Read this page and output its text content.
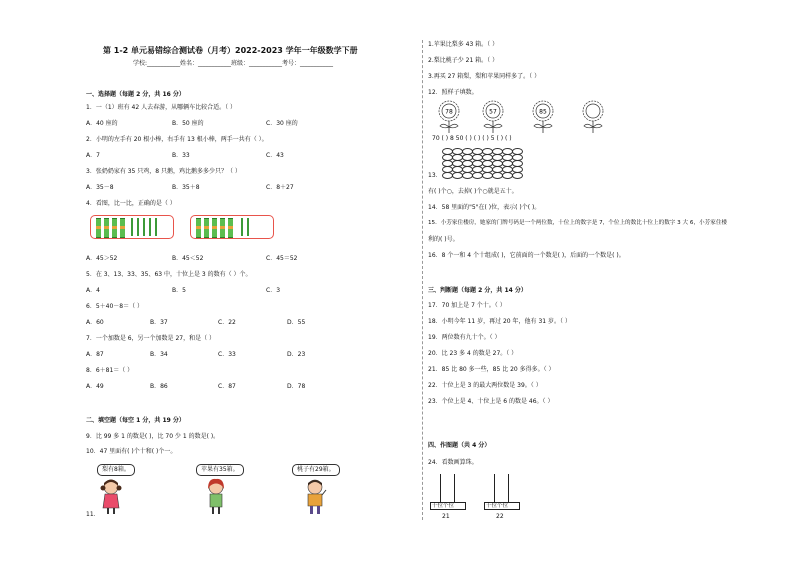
第 1-2 单元易错综合测试卷（月考）2022-2023 学年一年级数学下册
学校:___________姓名：___________班级：___________考号：___________
一、选择题（每题 2 分，共 16 分）
1．一（1）班有 42 人去春游，从哪辆车比较合适。（ ）
A．40 座的	B．50 座的	C．30 座的
2．小明的左手有 20 根小棒，右手有 13 根小棒，两手一共有（ ）。
A．7	B．33	C．43
3．张奶奶家有 35 只鸡，8 只鹅，鸡比鹅多多少只？（ ）
A．35－8	B．35＋8	C．8＋27
4．看图，比一比，正确的是（ ）
A．45＞52	B．45＜52	C．45＝52
5．在 3、13、33、35、63 中，十位上是 3 的数有（ ）个。
A．4	B．5	C．3
6．5＋40－8＝（ ）
A．60	B．37	C．22	D．55
7．一个加数是 6，另一个加数是 27，和是（ ）
A．87	B．34	C．33	D．23
8．6＋81＝（ ）
A．49	B．86	C．87	D．78
二、填空题（每空 1 分，共 19 分）
9．比 99 多 1 的数是( )，比 70 少 1 的数是( )。
10．47 里面有( )个十和( )个一。
梨有8箱。	苹果有35箱。	桃子有29箱。
11．
1.苹果比梨多 43 箱。（ ）
2.梨比桃子少 21 箱。（ ）
3.再买 27 箱梨，梨和苹果同样多了。（ ）
12．照样子填数。
78	57	85
70 ( ) 8 50 ( ) ( ) ( ) 5 ( ) ( )
13．
有( )个○，去掉( )个○就是五十。
14．58 里面的"5"在( )位，表示( )个( )。
15．小芳家住楼房，她家的门牌号码是一个两位数，十位上的数字是 7，个位上的数比十位上的数字 3 大 6，小芳家住楼
利的( )号。
16．8 个一和 4 个十组成( )，它前面的一个数是( )，后面的一个数是( )。
三、判断题（每题 2 分，共 14 分）
17．70 加上是 7 个十。（ ）
18．小明今年 11 岁，再过 20 年，他有 31 岁。（ ）
19．两位数有九十个。（ ）
20．比 23 多 4 的数是 27。（ ）
21．85 比 80 多一些，85 比 20 多得多。（ ）
22．十位上是 3 的最大两位数是 39。（ ）
23．个位上是 4、十位上是 6 的数是 46。（ ）
四、作图题（共 4 分）
24．看数画算珠。
十位个位
21
十位个位
22
